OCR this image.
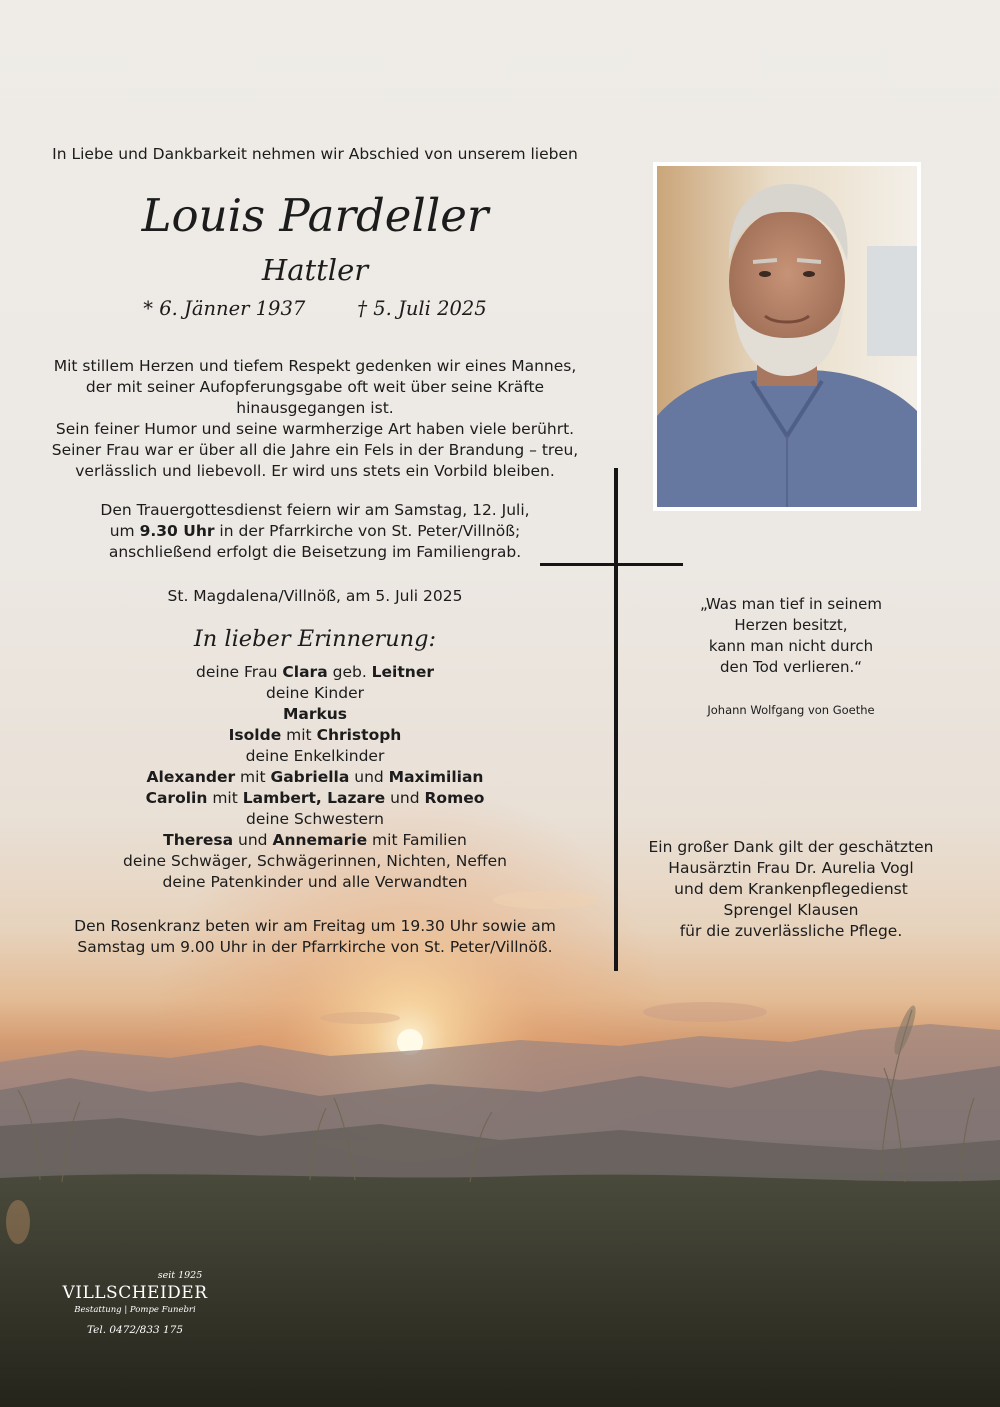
In Liebe und Dankbarkeit nehmen wir Abschied von unserem lieben

Louis Pardeller
Hattler
* 6. Jänner 1937	† 5. Juli 2025

Mit stillem Herzen und tiefem Respekt gedenken wir eines Mannes,
der mit seiner Aufopferungsgabe oft weit über seine Kräfte
hinausgegangen ist.
Sein feiner Humor und seine warmherzige Art haben viele berührt.
Seiner Frau war er über all die Jahre ein Fels in der Brandung – treu,
verlässlich und liebevoll. Er wird uns stets ein Vorbild bleiben.

Den Trauergottesdienst feiern wir am Samstag, 12. Juli,
um 9.30 Uhr in der Pfarrkirche von St. Peter/Villnöß;
anschließend erfolgt die Beisetzung im Familiengrab.

St. Magdalena/Villnöß, am 5. Juli 2025

In lieber Erinnerung:

deine Frau Clara geb. Leitner
deine Kinder
Markus
Isolde mit Christoph
deine Enkelkinder
Alexander mit Gabriella und Maximilian
Carolin mit Lambert, Lazare und Romeo
deine Schwestern
Theresa und Annemarie mit Familien
deine Schwäger, Schwägerinnen, Nichten, Neffen
deine Patenkinder und alle Verwandten

Den Rosenkranz beten wir am Freitag um 19.30 Uhr sowie am
Samstag um 9.00 Uhr in der Pfarrkirche von St. Peter/Villnöß.

„Was man tief in seinem
Herzen besitzt,
kann man nicht durch
den Tod verlieren.“

Johann Wolfgang von Goethe

Ein großer Dank gilt der geschätzten
Hausärztin Frau Dr. Aurelia Vogl
und dem Krankenpflegedienst
Sprengel Klausen
für die zuverlässliche Pflege.

seit 1925
VILLSCHEIDER
Bestattung | Pompe Funebri
Tel. 0472/833 175
